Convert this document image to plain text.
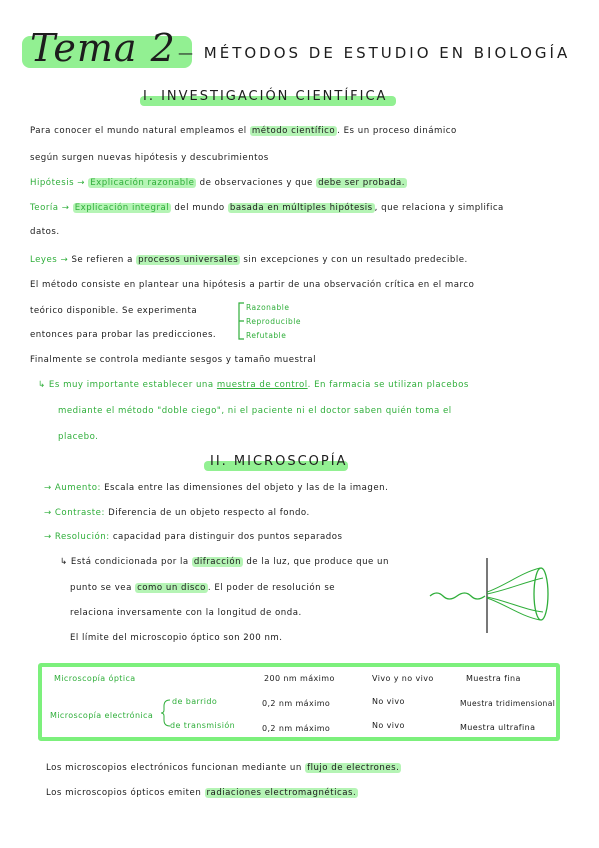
Tema 2 — MÉTODOS DE ESTUDIO EN BIOLOGÍA
I. INVESTIGACIÓN CIENTÍFICA
Para conocer el mundo natural empleamos el método científico . Es un proceso dinámico
según surgen nuevas hipótesis y descubrimientos
Hipótesis → Explicación razonable de observaciones y que debe ser probada.
Teoría → Explicación integral del mundo basada en múltiples hipótesis , que relaciona y simplifica
datos.
Leyes → Se refieren a procesos universales sin excepciones y con un resultado predecible.
El método consiste en plantear una hipótesis a partir de una observación crítica en el marco
teórico disponible. Se experimenta
entonces para probar las predicciones.
Razonable
Reproducible
Refutable
Finalmente se controla mediante sesgos y tamaño muestral
↳ Es muy importante establecer una muestra de control. En farmacia se utilizan placebos
mediante el método "doble ciego", ni el paciente ni el doctor saben quién toma el
placebo.
II. MICROSCOPÍA
→ Aumento: Escala entre las dimensiones del objeto y las de la imagen.
→ Contraste: Diferencia de un objeto respecto al fondo.
→ Resolución: capacidad para distinguir dos puntos separados
↳ Está condicionada por la difracción de la luz, que produce que un
punto se vea como un disco . El poder de resolución se
relaciona inversamente con la longitud de onda.
El límite del microscopio óptico son 200 nm.
Microscopía óptica	200 nm máximo	Vivo y no vivo	Muestra fina
Microscopía electrónica
de barrido	0,2 nm máximo	No vivo	Muestra tridimensional
de transmisión	0,2 nm máximo	No vivo	Muestra ultrafina
Los microscopios electrónicos funcionan mediante un flujo de electrones.
Los microscopios ópticos emiten radiaciones electromagnéticas.
